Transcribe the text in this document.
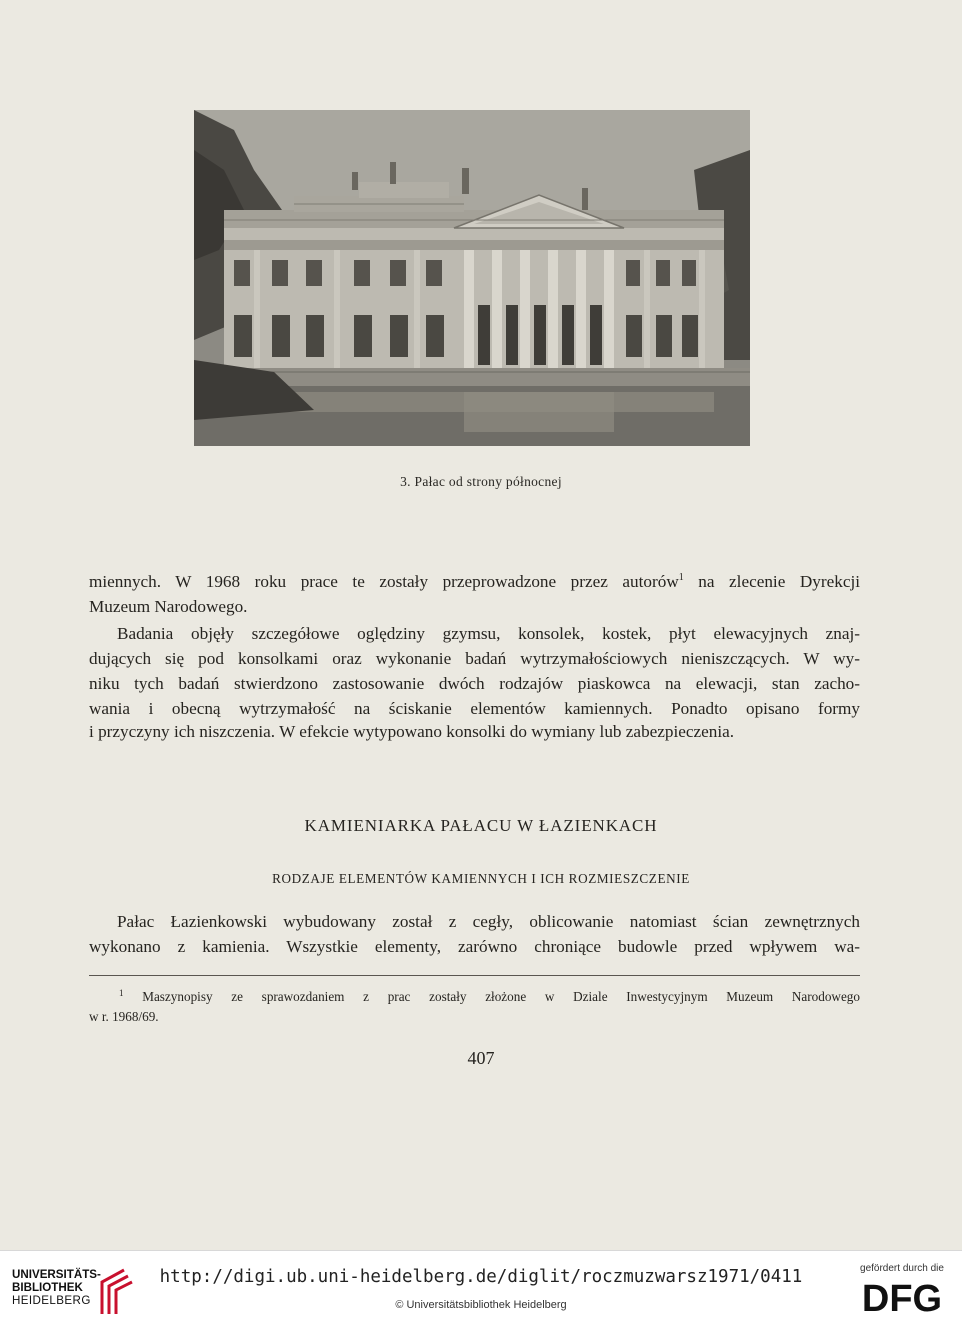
3. Pałac od strony północnej
miennych. W 1968 roku prace te zostały przeprowadzone przez autorów$^1$ na zlecenie Dyrekcji
Muzeum Narodowego.
Badania objęły szczegółowe oględziny gzymsu, konsolek, kostek, płyt elewacyjnych znaj-
dujących się pod konsolkami oraz wykonanie badań wytrzymałościowych nieniszczących. W wy-
niku tych badań stwierdzono zastosowanie dwóch rodzajów piaskowca na elewacji, stan zacho-
wania i obecną wytrzymałość na ściskanie elementów kamiennych. Ponadto opisano formy
i przyczyny ich niszczenia. W efekcie wytypowano konsolki do wymiany lub zabezpieczenia.
KAMIENIARKA PAŁACU W ŁAZIENKACH
RODZAJE ELEMENTÓW KAMIENNYCH I ICH ROZMIESZCZENIE
Pałac Łazienkowski wybudowany został z cegły, oblicowanie natomiast ścian zewnętrznych
wykonano z kamienia. Wszystkie elementy, zarówno chroniące budowle przed wpływem wa-
$^1$ Maszynopisy ze sprawozdaniem z prac zostały złożone w Dziale Inwestycyjnym Muzeum Narodowego
w r. 1968/69.
407
UNIVERSITÄTS-
BIBLIOTHEK
HEIDELBERG
http://digi.ub.uni-heidelberg.de/diglit/roczmuzwarsz1971/0411
© Universitätsbibliothek Heidelberg
gefördert durch die
DFG
